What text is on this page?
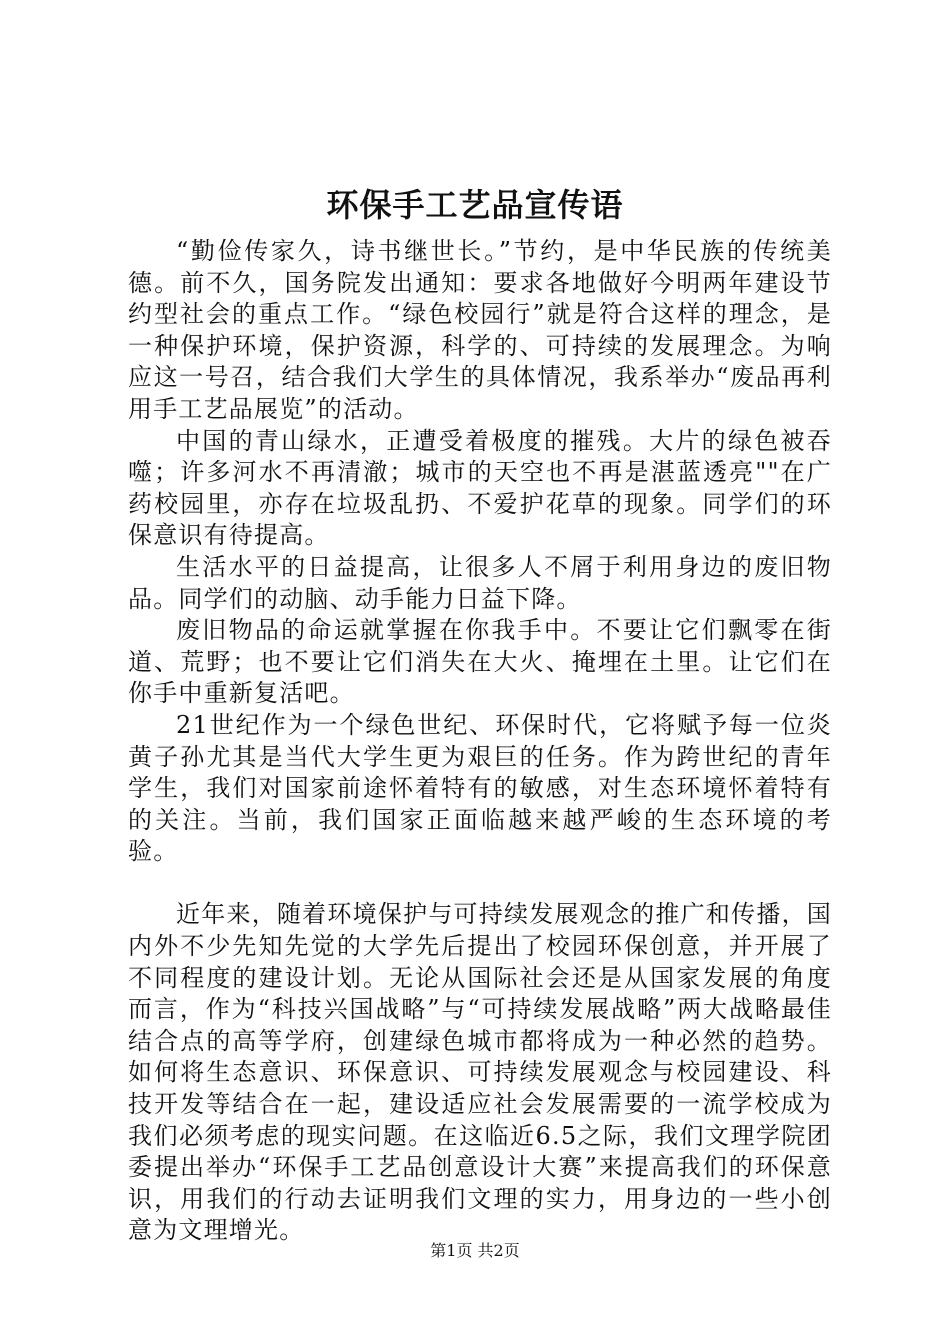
环保手工艺品宣传语

“勤俭传家久，诗书继世长。”节约，是中华民族的传统美德。前不久，国务院发出通知：要求各地做好今明两年建设节约型社会的重点工作。“绿色校园行”就是符合这样的理念，是一种保护环境，保护资源，科学的、可持续的发展理念。为响应这一号召，结合我们大学生的具体情况，我系举办“废品再利用手工艺品展览”的活动。

中国的青山绿水，正遭受着极度的摧残。大片的绿色被吞噬；许多河水不再清澈；城市的天空也不再是湛蓝透亮""在广药校园里，亦存在垃圾乱扔、不爱护花草的现象。同学们的环保意识有待提高。

生活水平的日益提高，让很多人不屑于利用身边的废旧物品。同学们的动脑、动手能力日益下降。

废旧物品的命运就掌握在你我手中。不要让它们飘零在街道、荒野；也不要让它们消失在大火、掩埋在土里。让它们在你手中重新复活吧。

21世纪作为一个绿色世纪、环保时代，它将赋予每一位炎黄子孙尤其是当代大学生更为艰巨的任务。作为跨世纪的青年学生，我们对国家前途怀着特有的敏感，对生态环境怀着特有的关注。当前，我们国家正面临越来越严峻的生态环境的考验。

近年来，随着环境保护与可持续发展观念的推广和传播，国内外不少先知先觉的大学先后提出了校园环保创意，并开展了不同程度的建设计划。无论从国际社会还是从国家发展的角度而言，作为“科技兴国战略”与“可持续发展战略”两大战略最佳结合点的高等学府，创建绿色城市都将成为一种必然的趋势。如何将生态意识、环保意识、可持续发展观念与校园建设、科技开发等结合在一起，建设适应社会发展需要的一流学校成为我们必须考虑的现实问题。在这临近6.5之际，我们文理学院团委提出举办“环保手工艺品创意设计大赛”来提高我们的环保意识，用我们的行动去证明我们文理的实力，用身边的一些小创意为文理增光。

第1页 共2页
